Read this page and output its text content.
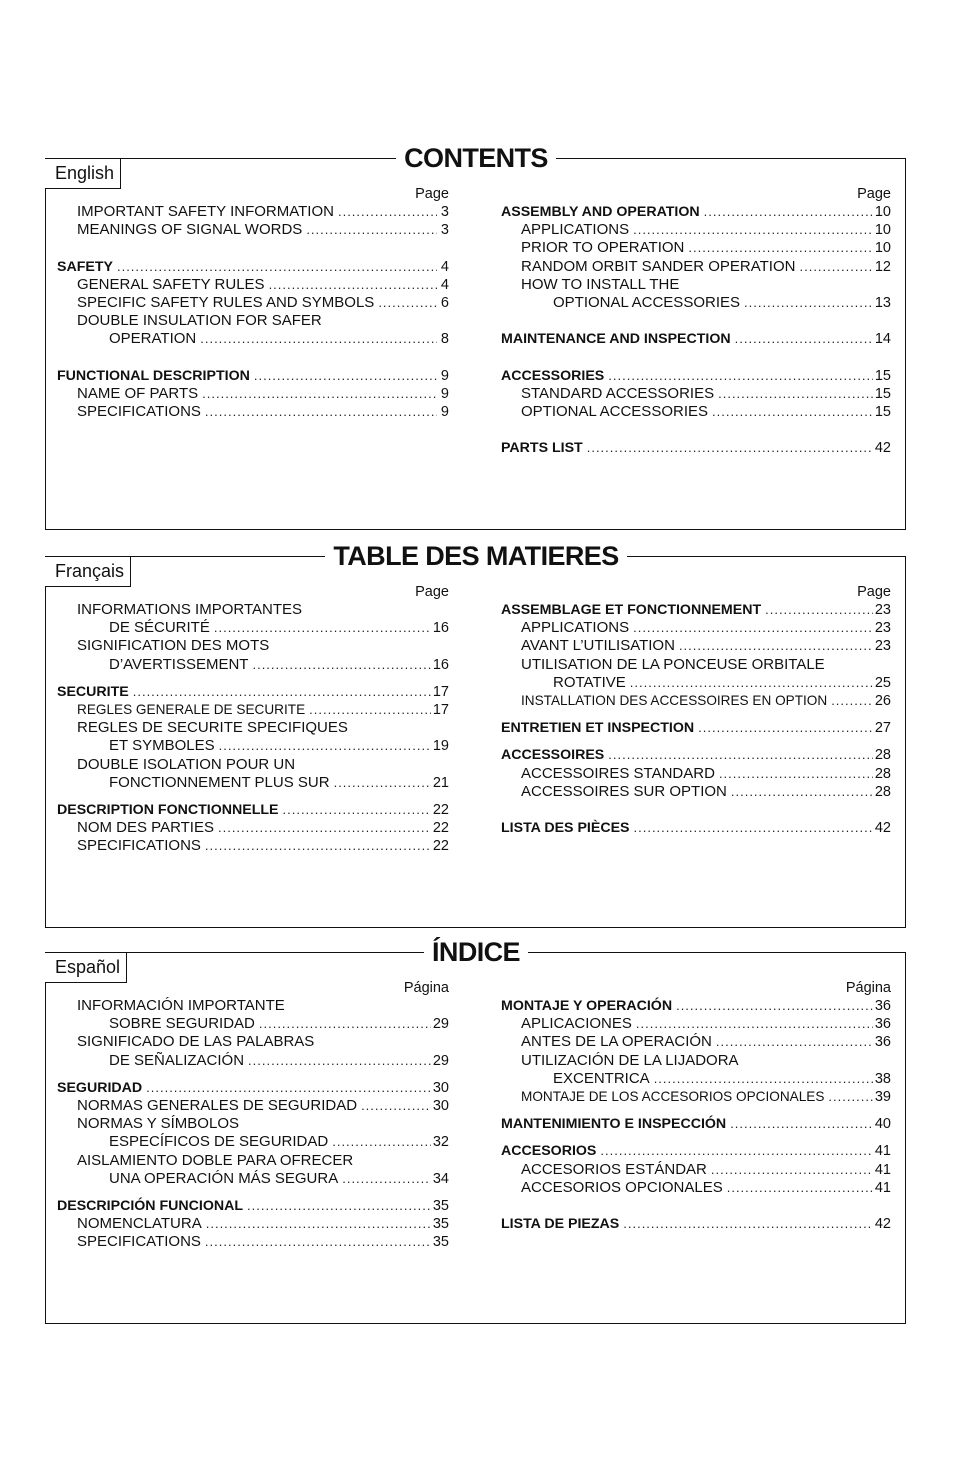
CONTENTS
English
Page
IMPORTANT SAFETY INFORMATION .....	3
MEANINGS OF SIGNAL WORDS .....	3
SAFETY .....	4
GENERAL SAFETY RULES .....	4
SPECIFIC SAFETY RULES AND SYMBOLS .....	6
DOUBLE INSULATION FOR SAFER
OPERATION .....	8
FUNCTIONAL DESCRIPTION .....	9
NAME OF PARTS .....	9
SPECIFICATIONS .....	9
Page
ASSEMBLY AND OPERATION .....	10
APPLICATIONS .....	10
PRIOR TO OPERATION .....	10
RANDOM ORBIT SANDER OPERATION .....	12
HOW TO INSTALL THE
OPTIONAL ACCESSORIES .....	13
MAINTENANCE AND INSPECTION .....	14
ACCESSORIES .....	15
STANDARD ACCESSORIES .....	15
OPTIONAL ACCESSORIES .....	15
PARTS LIST .....	42
TABLE DES MATIERES
Français
Page
INFORMATIONS IMPORTANTES
DE SÉCURITÉ .....	16
SIGNIFICATION DES MOTS
D’AVERTISSEMENT .....	16
SECURITE .....	17
REGLES GENERALE DE SECURITE .....	17
REGLES DE SECURITE SPECIFIQUES
ET SYMBOLES .....	19
DOUBLE ISOLATION POUR UN
FONCTIONNEMENT PLUS SUR .....	21
DESCRIPTION FONCTIONNELLE .....	22
NOM DES PARTIES .....	22
SPECIFICATIONS .....	22
Page
ASSEMBLAGE ET FONCTIONNEMENT .....	23
APPLICATIONS .....	23
AVANT L’UTILISATION .....	23
UTILISATION DE LA PONCEUSE ORBITALE
ROTATIVE .....	25
INSTALLATION DES ACCESSOIRES EN OPTION .....	26
ENTRETIEN ET INSPECTION .....	27
ACCESSOIRES .....	28
ACCESSOIRES STANDARD .....	28
ACCESSOIRES SUR OPTION .....	28
LISTA DES PIÈCES .....	42
ÍNDICE
Español
Página
INFORMACIÓN IMPORTANTE
SOBRE SEGURIDAD .....	29
SIGNIFICADO DE LAS PALABRAS
DE SEÑALIZACIÓN .....	29
SEGURIDAD .....	30
NORMAS GENERALES DE SEGURIDAD .....	30
NORMAS Y SÍMBOLOS
ESPECÍFICOS DE SEGURIDAD .....	32
AISLAMIENTO DOBLE PARA OFRECER
UNA OPERACIÓN MÁS SEGURA .....	34
DESCRIPCIÓN FUNCIONAL .....	35
NOMENCLATURA .....	35
SPECIFICATIONS .....	35
Página
MONTAJE Y OPERACIÓN .....	36
APLICACIONES .....	36
ANTES DE LA OPERACIÓN .....	36
UTILIZACIÓN DE LA LIJADORA
EXCENTRICA .....	38
MONTAJE DE LOS ACCESORIOS OPCIONALES .....	39
MANTENIMIENTO E INSPECCIÓN .....	40
ACCESORIOS .....	41
ACCESORIOS ESTÁNDAR .....	41
ACCESORIOS OPCIONALES .....	41
LISTA DE PIEZAS .....	42
